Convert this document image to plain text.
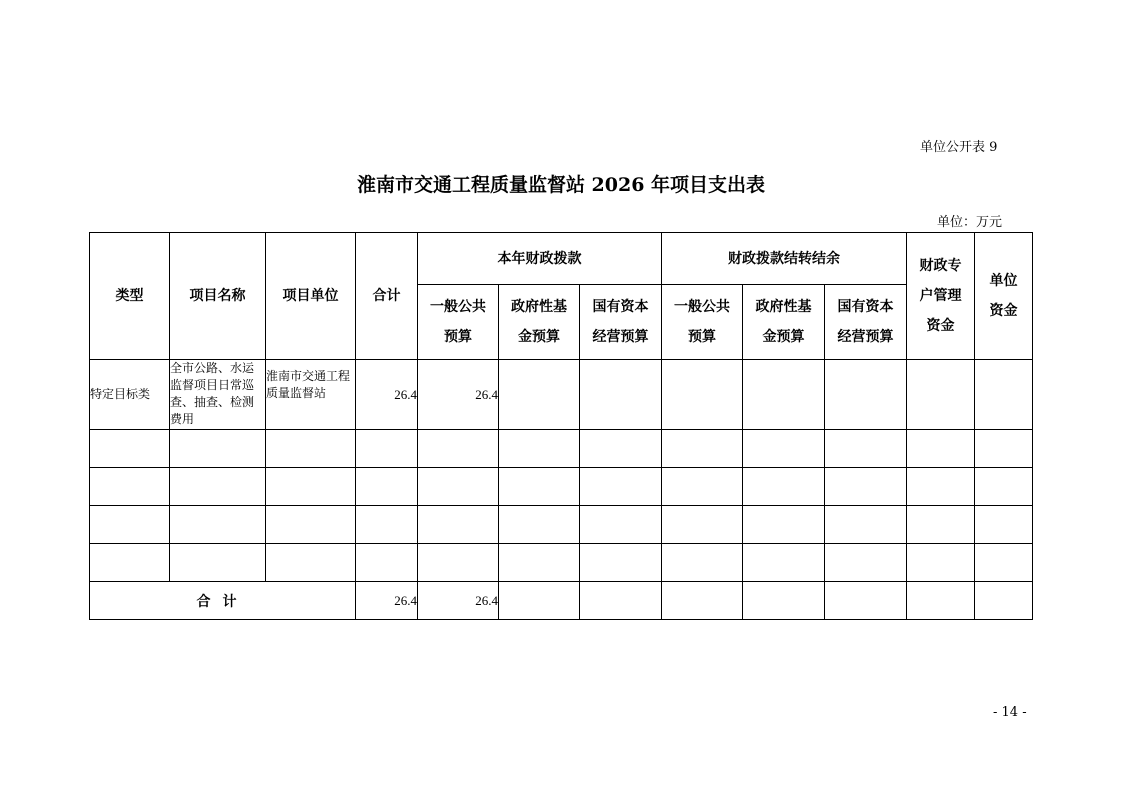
单位公开表 9
淮南市交通工程质量监督站 2026 年项目支出表
单位：万元
类型	项目名称	项目单位	合计	本年财政拨款			财政拨款结转结余			财政专户管理资金	单位资金

				一般公共预算	政府性基金预算	国有资本经营预算	一般公共预算	政府性基金预算	国有资本经营预算		

特定目标类	全市公路、水运监督项目日常巡查、抽查、检测费用	淮南市交通工程质量监督站	26.4	26.4							

合计			26.4	26.4							
- 14 -
